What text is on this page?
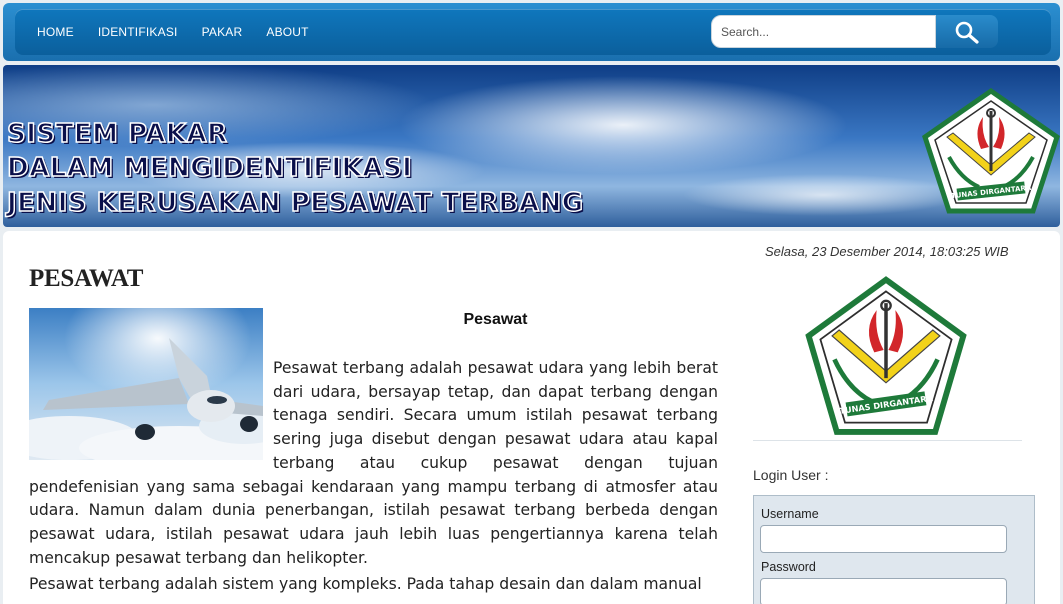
HOME IDENTIFIKASI PAKAR ABOUT
Search...
SISTEM PAKAR
DALAM MENGIDENTIFIKASI
JENIS KERUSAKAN PESAWAT TERBANG	TUNAS DIRGANTARA
PESAWAT
Pesawat

Pesawat terbang adalah pesawat udara yang lebih berat dari udara, bersayap tetap, dan dapat terbang dengan tenaga sendiri. Secara umum istilah pesawat terbang sering juga disebut dengan pesawat udara atau kapal terbang atau cukup pesawat dengan tujuan pendefenisian yang sama sebagai kendaraan yang mampu terbang di atmosfer atau udara. Namun dalam dunia penerbangan, istilah pesawat terbang berbeda dengan pesawat udara, istilah pesawat udara jauh lebih luas pengertiannya karena telah mencakup pesawat terbang dan helikopter.

Pesawat terbang adalah sistem yang kompleks. Pada tahap desain dan dalam manual

Selasa, 23 Desember 2014, 18:03:25 WIB
TUNAS DIRGANTARA
Login User :
Username
Password
